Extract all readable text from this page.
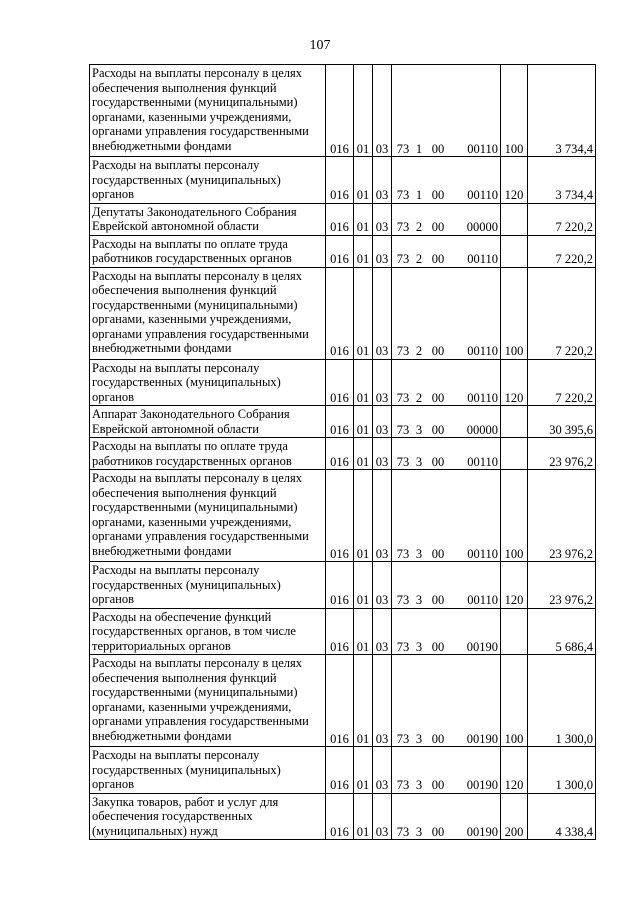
107
Расходы на выплаты персоналу в целях обеспечения выполнения функций государственными (муниципальными) органами, казенными учреждениями, органами управления государственными внебюджетными фондами	016	01	03	73 1 00 00110	100	3 734,4
Расходы на выплаты персоналу государственных (муниципальных) органов	016	01	03	73 1 00 00110	120	3 734,4
Депутаты Законодательного Собрания Еврейской автономной области	016	01	03	73 2 00 00000		7 220,2
Расходы на выплаты по оплате труда работников государственных органов	016	01	03	73 2 00 00110		7 220,2
Расходы на выплаты персоналу в целях обеспечения выполнения функций государственными (муниципальными) органами, казенными учреждениями, органами управления государственными внебюджетными фондами	016	01	03	73 2 00 00110	100	7 220,2
Расходы на выплаты персоналу государственных (муниципальных) органов	016	01	03	73 2 00 00110	120	7 220,2
Аппарат Законодательного Собрания Еврейской автономной области	016	01	03	73 3 00 00000		30 395,6
Расходы на выплаты по оплате труда работников государственных органов	016	01	03	73 3 00 00110		23 976,2
Расходы на выплаты персоналу в целях обеспечения выполнения функций государственными (муниципальными) органами, казенными учреждениями, органами управления государственными внебюджетными фондами	016	01	03	73 3 00 00110	100	23 976,2
Расходы на выплаты персоналу государственных (муниципальных) органов	016	01	03	73 3 00 00110	120	23 976,2
Расходы на обеспечение функций государственных органов, в том числе территориальных органов	016	01	03	73 3 00 00190		5 686,4
Расходы на выплаты персоналу в целях обеспечения выполнения функций государственными (муниципальными) органами, казенными учреждениями, органами управления государственными внебюджетными фондами	016	01	03	73 3 00 00190	100	1 300,0
Расходы на выплаты персоналу государственных (муниципальных) органов	016	01	03	73 3 00 00190	120	1 300,0
Закупка товаров, работ и услуг для обеспечения государственных (муниципальных) нужд	016	01	03	73 3 00 00190	200	4 338,4
